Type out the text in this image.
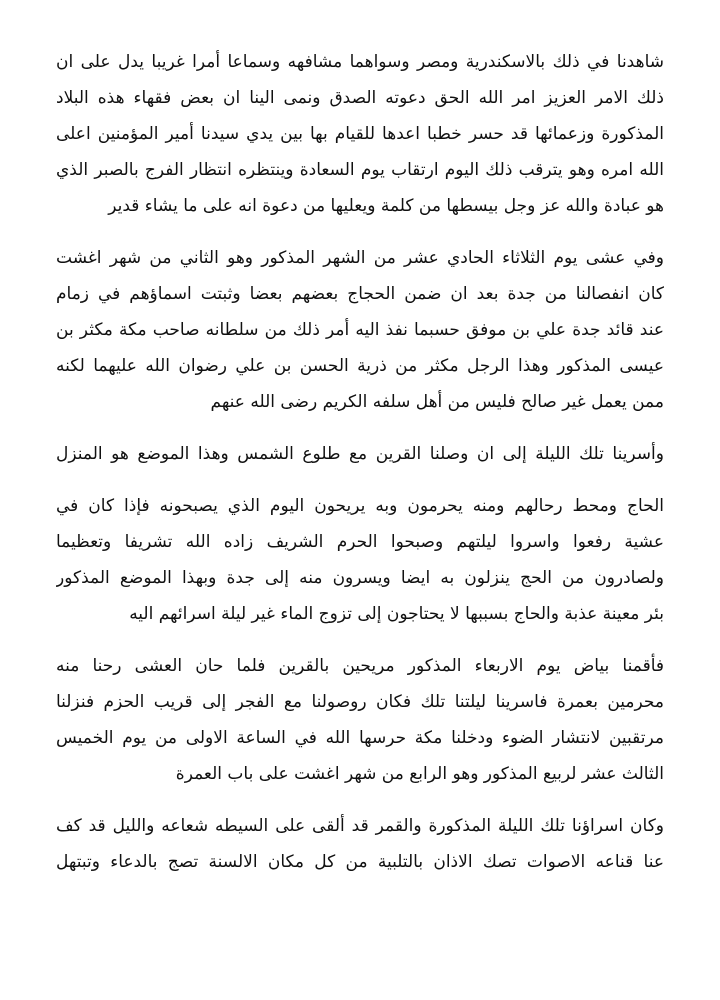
شاهدنا في ذلك بالاسكندرية ومصر وسواهما مشافهه وسماعا أمرا غريبا يدل على ان
ذلك الامر العزيز امر الله الحق دعوته الصدق ونمى الينا ان بعض فقهاء هذه البلاد
المذكورة وزعمائها قد حسر خطبا اعدها للقيام بها بين يدي سيدنا أمير المؤمنين اعلى
الله امره وهو يترقب ذلك اليوم ارتقاب يوم السعادة وينتظره انتظار الفرج بالصبر الذي
هو عبادة والله عز وجل بيسطها من كلمة ويعليها من دعوة انه على ما يشاء قدير
وفي عشى يوم الثلاثاء الحادي عشر من الشهر المذكور وهو الثاني من شهر اغشت
كان انفصالنا من جدة بعد ان ضمن الحجاج بعضهم بعضا وثبتت اسماؤهم في زمام
عند قائد جدة علي بن موفق حسبما نفذ اليه أمر ذلك من سلطانه صاحب مكة مكثر بن
عيسى المذكور وهذا الرجل مكثر من ذرية الحسن بن علي رضوان الله عليهما لكنه
ممن يعمل غير صالح فليس من أهل سلفه الكريم رضى الله عنهم
وأسرينا تلك الليلة إلى ان وصلنا القرين مع طلوع الشمس وهذا الموضع هو المنزل
الحاج ومحط رحالهم ومنه يحرمون وبه يريحون اليوم الذي يصبحونه فإذا كان في
عشية رفعوا واسروا ليلتهم وصبحوا الحرم الشريف زاده الله تشريفا وتعظيما
ولصادرون من الحج ينزلون به ايضا ويسرون منه إلى جدة وبهذا الموضع المذكور
بئر معينة عذبة والحاج بسببها لا يحتاجون إلى تزوج الماء غير ليلة اسرائهم اليه
فأقمنا بياض يوم الاربعاء المذكور مريحين بالقرين فلما حان العشى رحنا منه
محرمين بعمرة فاسرينا ليلتنا تلك فكان روصولنا مع الفجر إلى قريب الحزم فنزلنا
مرتقبين لانتشار الضوء ودخلنا مكة حرسها الله في الساعة الاولى من يوم الخميس
الثالث عشر لربيع المذكور وهو الرابع من شهر اغشت على باب العمرة
وكان اسراؤنا تلك الليلة المذكورة والقمر قد ألقى على السيطه شعاعه والليل قد كف
عنا قناعه الاصوات تصك الاذان بالتلبية من كل مكان الالسنة تصج بالدعاء وتبتهل
